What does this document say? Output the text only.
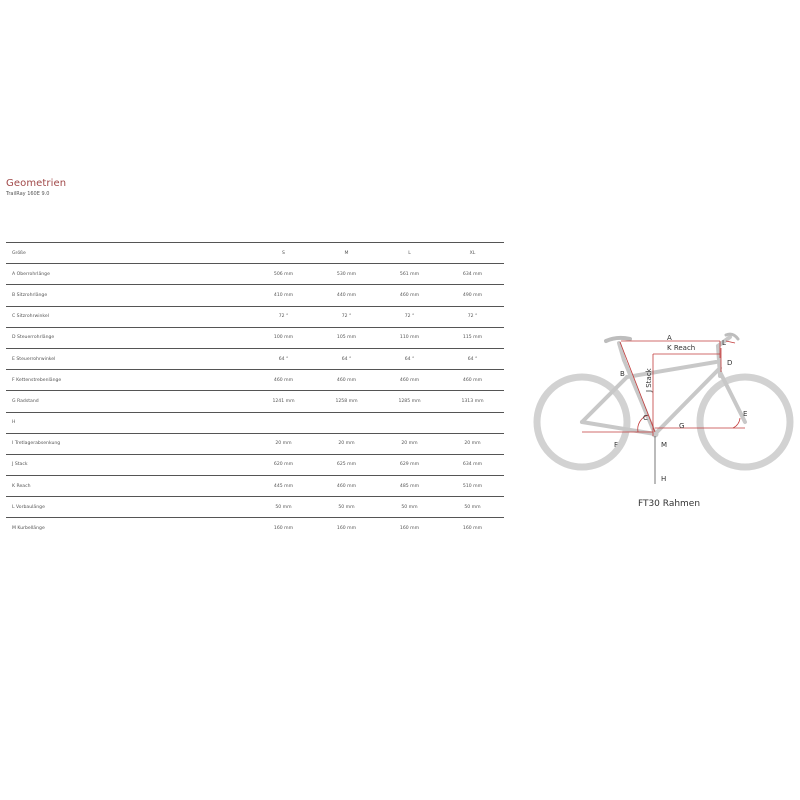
Geometrien
TrailRay 160E 9.0
Größe	S	M	L	XL
A Oberrohrlänge	506 mm	530 mm	561 mm	634 mm
B Sitzrohrlänge	410 mm	440 mm	460 mm	490 mm
C Sitzrohrwinkel	72 °	72 °	72 °	72 °
D Steuerrohrlänge	100 mm	105 mm	110 mm	115 mm
E Steuerrohrwinkel	64 °	64 °	64 °	64 °
F Kettenstrebenlänge	460 mm	460 mm	460 mm	460 mm
G Radstand	1241 mm	1258 mm	1285 mm	1313 mm
H				
I Tretlagerabsenkung	20 mm	20 mm	20 mm	20 mm
J Stack	620 mm	625 mm	629 mm	634 mm
K Reach	445 mm	460 mm	485 mm	510 mm
L Vorbaulänge	50 mm	50 mm	50 mm	50 mm
M Kurbellänge	160 mm	160 mm	160 mm	160 mm
A
K Reach
L
D
B	J Stack
C	E
G
F	M
H
FT30 Rahmen
